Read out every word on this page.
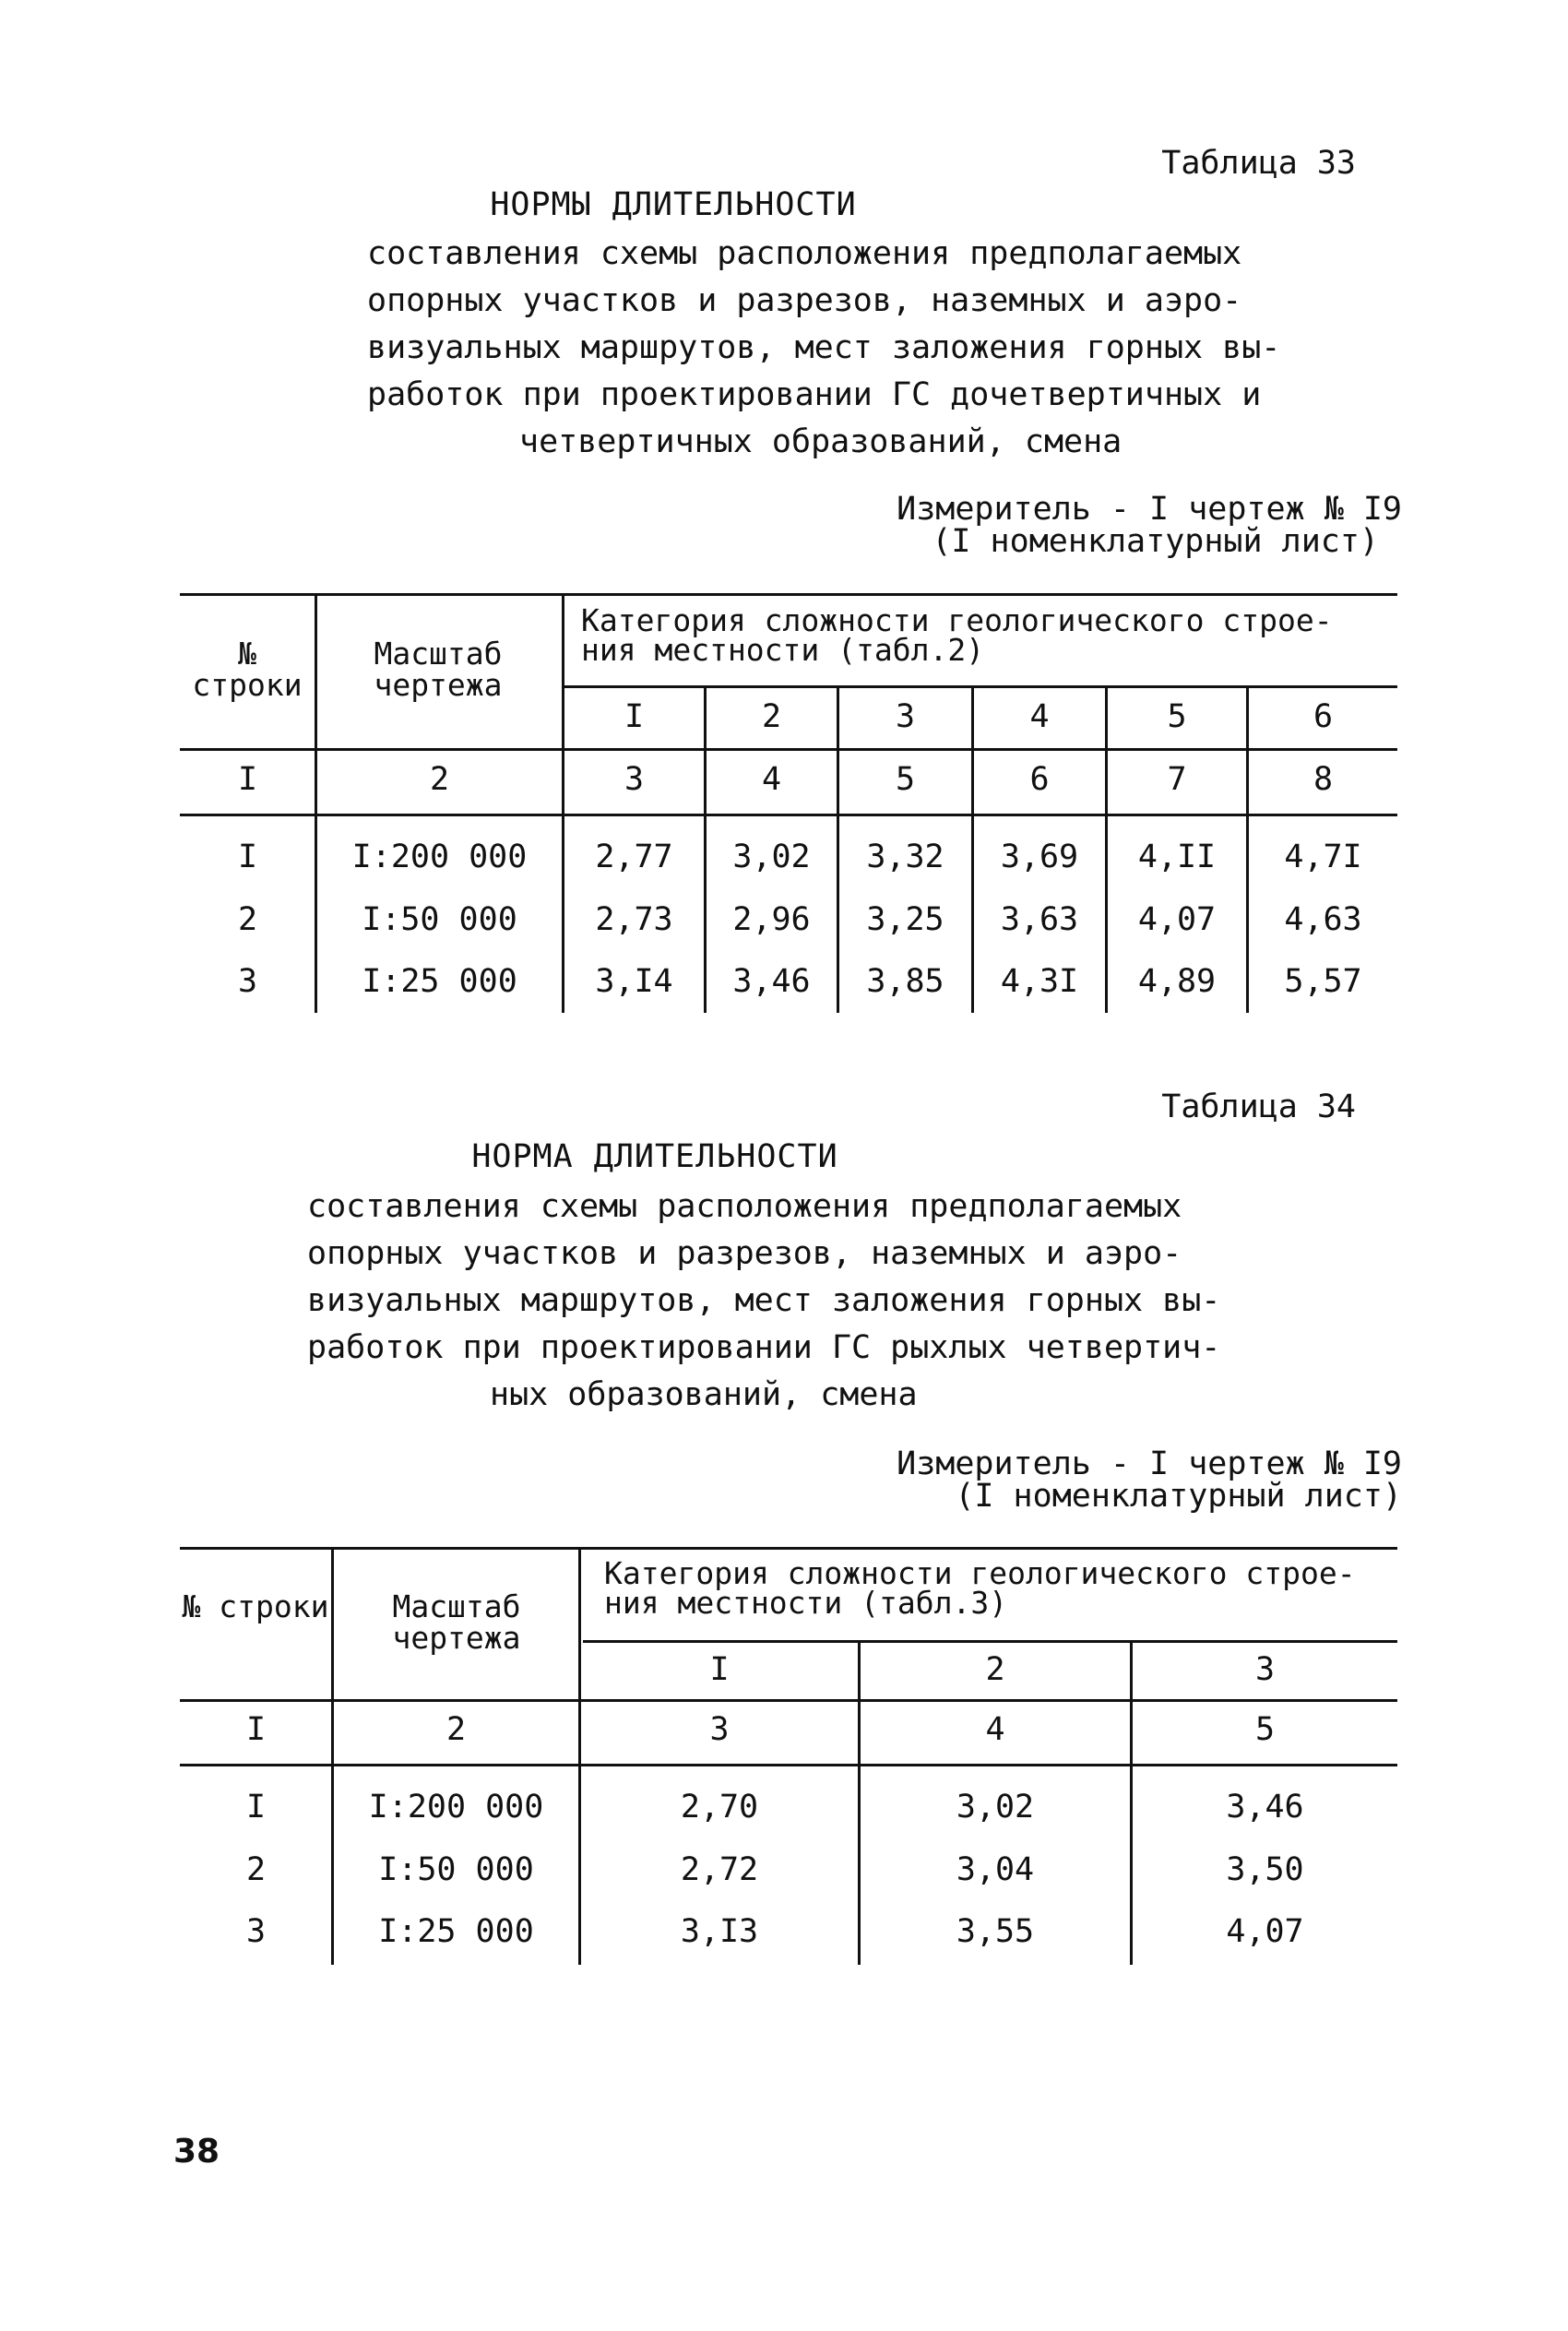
Таблица 33
НОРМЫ ДЛИТЕЛЬНОСТИ
составления схемы расположения предполагаемых
опорных участков и разрезов, наземных и аэро-
визуальных маршрутов, мест заложения горных вы-
работок при проектировании ГС дочетвертичных и
четвертичных образований, смена
Измеритель - I чертеж № I9
(I номенклатурный лист)
№ строки
Масштаб чертежа
Категория сложности геологического строе- ния местности (табл.2)
I	2	3	4	5	6
I	2	3	4	5	6	7	8
I	I:200 000	2,77	3,02	3,32	3,69	4,II	4,7I
2	I:50 000	2,73	2,96	3,25	3,63	4,07	4,63
3	I:25 000	3,I4	3,46	3,85	4,3I	4,89	5,57
Таблица 34
НОРМА ДЛИТЕЛЬНОСТИ
составления схемы расположения предполагаемых
опорных участков и разрезов, наземных и аэро-
визуальных маршрутов, мест заложения горных вы-
работок при проектировании ГС рыхлых четвертич-
ных образований, смена
Измеритель - I чертеж № I9
(I номенклатурный лист)
№ строки	Масштаб чертежа
Категория сложности геологического строе- ния местности (табл.3)
I	2	3
I	2	3	4	5
I	I:200 000	2,70	3,02	3,46
2	I:50 000	2,72	3,04	3,50
3	I:25 000	3,I3	3,55	4,07
38
